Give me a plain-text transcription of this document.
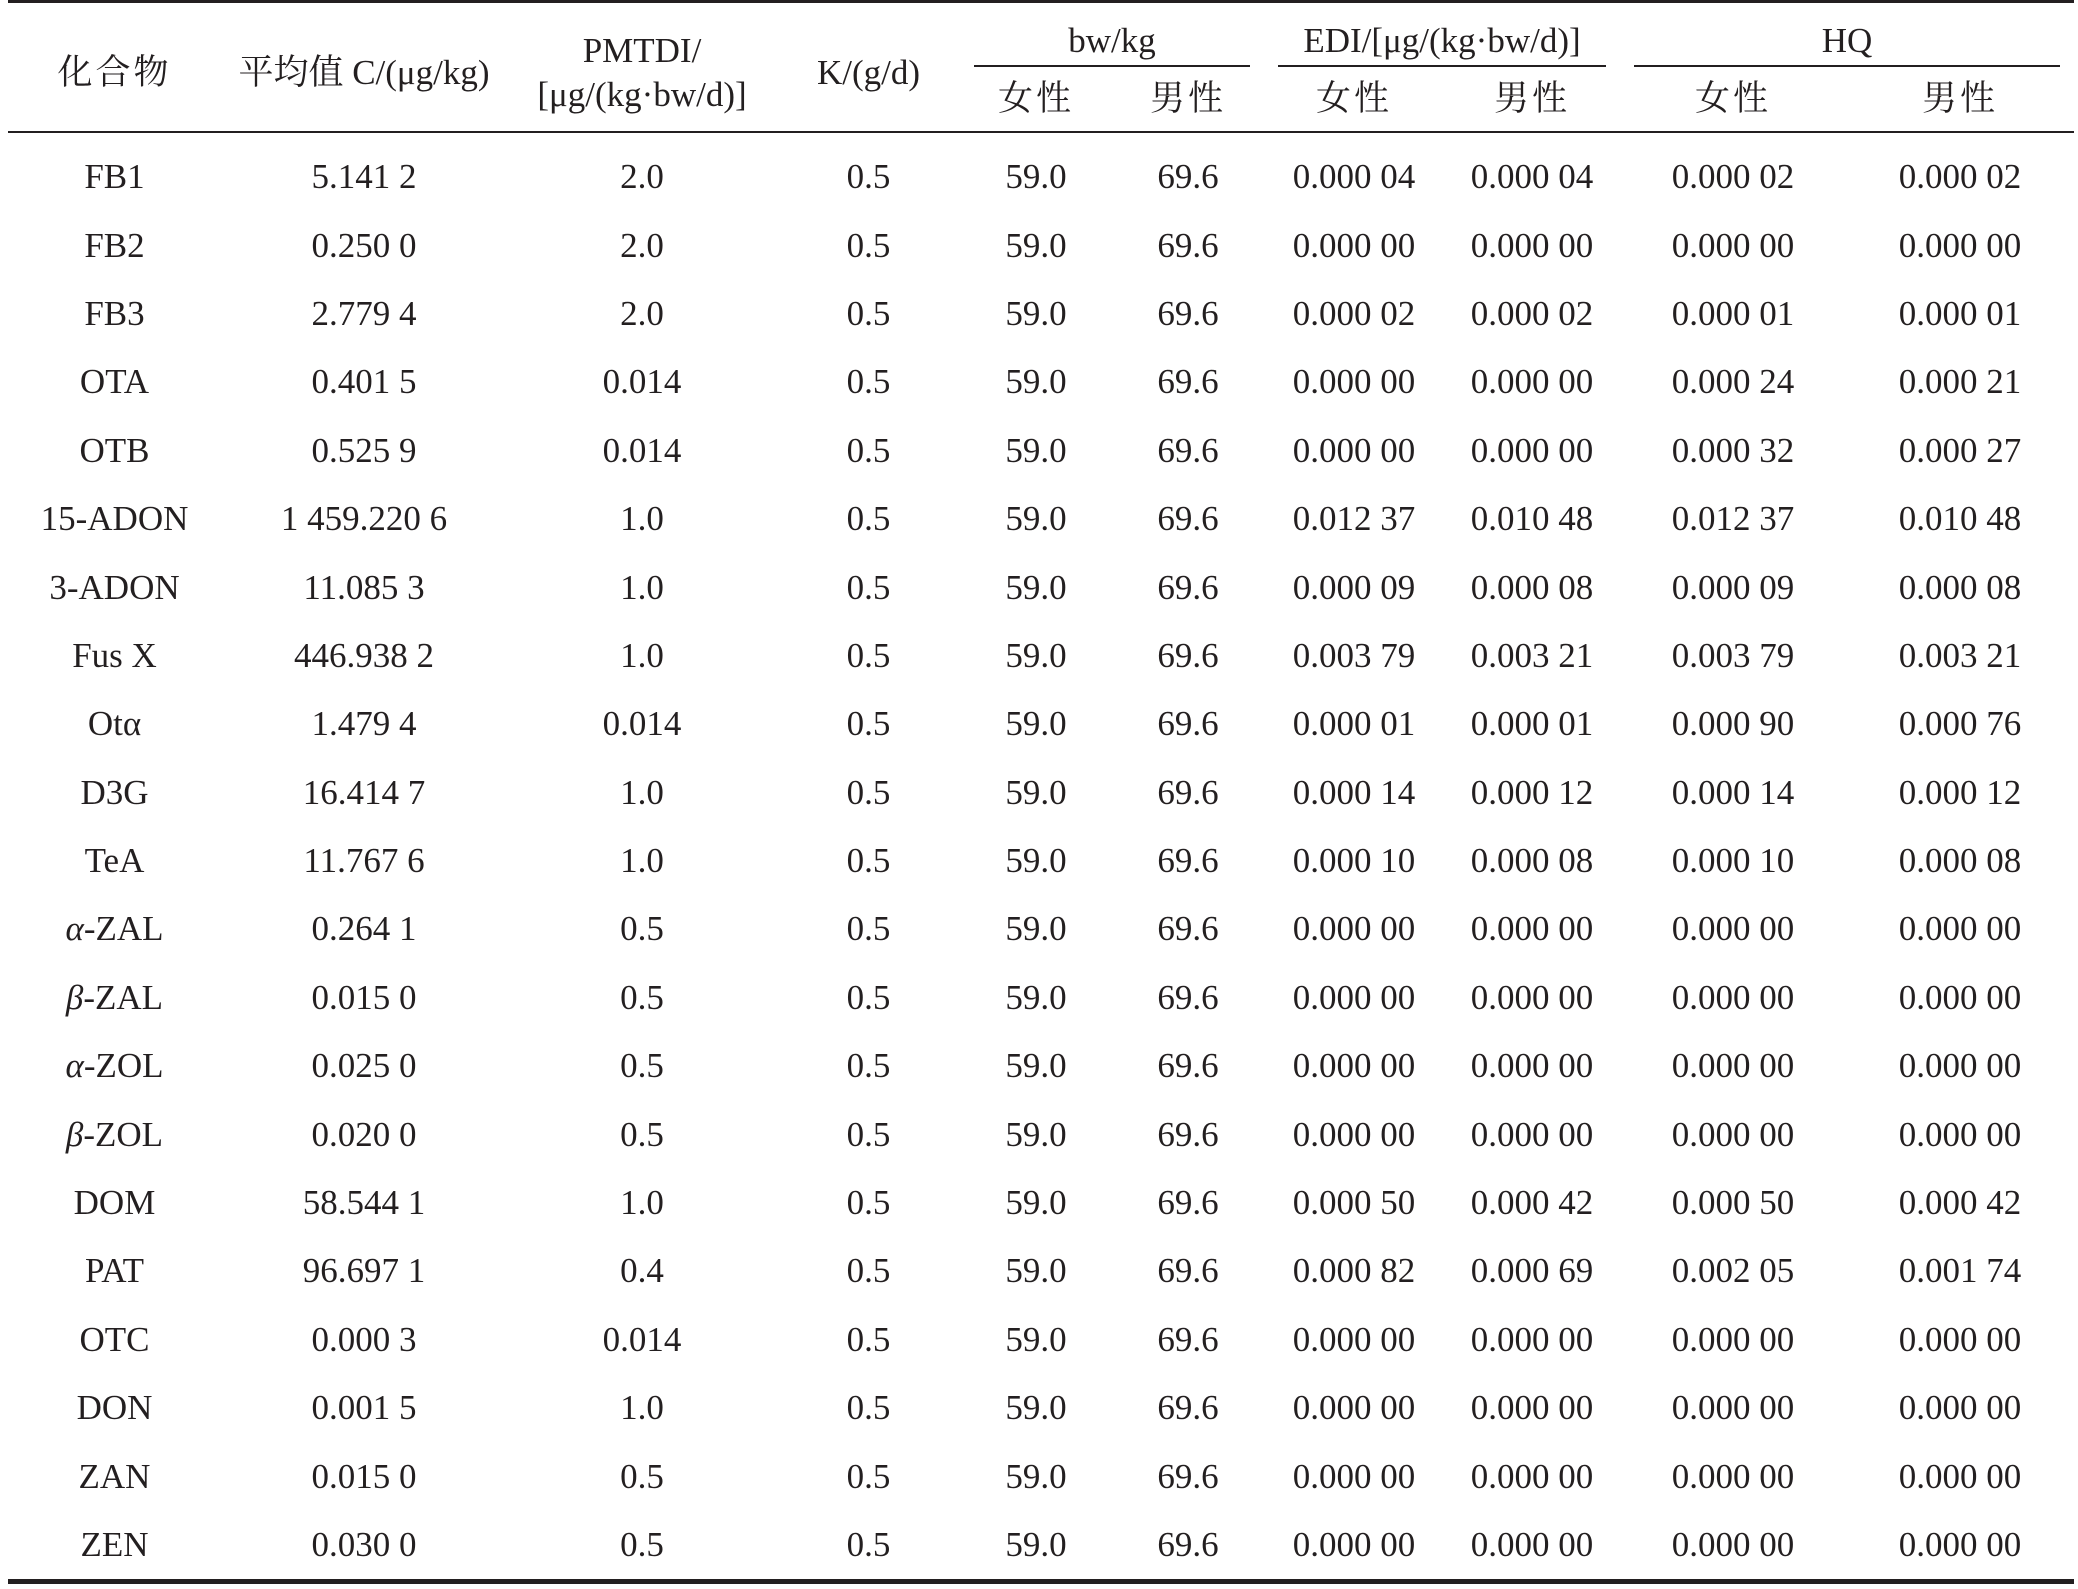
化合物	平均值 C/(μg/kg)	PMTDI/
[μg/(kg·bw/d)]	K/(g/d)	bw/kg		EDI/[μg/(kg·bw/d)]		HQ	
				女性	男性	女性	男性	女性	男性
FB1	5.141 2	2.0	0.5	59.0	69.6	0.000 04	0.000 04	0.000 02	0.000 02
FB2	0.250 0	2.0	0.5	59.0	69.6	0.000 00	0.000 00	0.000 00	0.000 00
FB3	2.779 4	2.0	0.5	59.0	69.6	0.000 02	0.000 02	0.000 01	0.000 01
OTA	0.401 5	0.014	0.5	59.0	69.6	0.000 00	0.000 00	0.000 24	0.000 21
OTB	0.525 9	0.014	0.5	59.0	69.6	0.000 00	0.000 00	0.000 32	0.000 27
15-ADON	1 459.220 6	1.0	0.5	59.0	69.6	0.012 37	0.010 48	0.012 37	0.010 48
3-ADON	11.085 3	1.0	0.5	59.0	69.6	0.000 09	0.000 08	0.000 09	0.000 08
Fus X	446.938 2	1.0	0.5	59.0	69.6	0.003 79	0.003 21	0.003 79	0.003 21
Otα	1.479 4	0.014	0.5	59.0	69.6	0.000 01	0.000 01	0.000 90	0.000 76
D3G	16.414 7	1.0	0.5	59.0	69.6	0.000 14	0.000 12	0.000 14	0.000 12
TeA	11.767 6	1.0	0.5	59.0	69.6	0.000 10	0.000 08	0.000 10	0.000 08
α-ZAL	0.264 1	0.5	0.5	59.0	69.6	0.000 00	0.000 00	0.000 00	0.000 00
β-ZAL	0.015 0	0.5	0.5	59.0	69.6	0.000 00	0.000 00	0.000 00	0.000 00
α-ZOL	0.025 0	0.5	0.5	59.0	69.6	0.000 00	0.000 00	0.000 00	0.000 00
β-ZOL	0.020 0	0.5	0.5	59.0	69.6	0.000 00	0.000 00	0.000 00	0.000 00
DOM	58.544 1	1.0	0.5	59.0	69.6	0.000 50	0.000 42	0.000 50	0.000 42
PAT	96.697 1	0.4	0.5	59.0	69.6	0.000 82	0.000 69	0.002 05	0.001 74
OTC	0.000 3	0.014	0.5	59.0	69.6	0.000 00	0.000 00	0.000 00	0.000 00
DON	0.001 5	1.0	0.5	59.0	69.6	0.000 00	0.000 00	0.000 00	0.000 00
ZAN	0.015 0	0.5	0.5	59.0	69.6	0.000 00	0.000 00	0.000 00	0.000 00
ZEN	0.030 0	0.5	0.5	59.0	69.6	0.000 00	0.000 00	0.000 00	0.000 00
